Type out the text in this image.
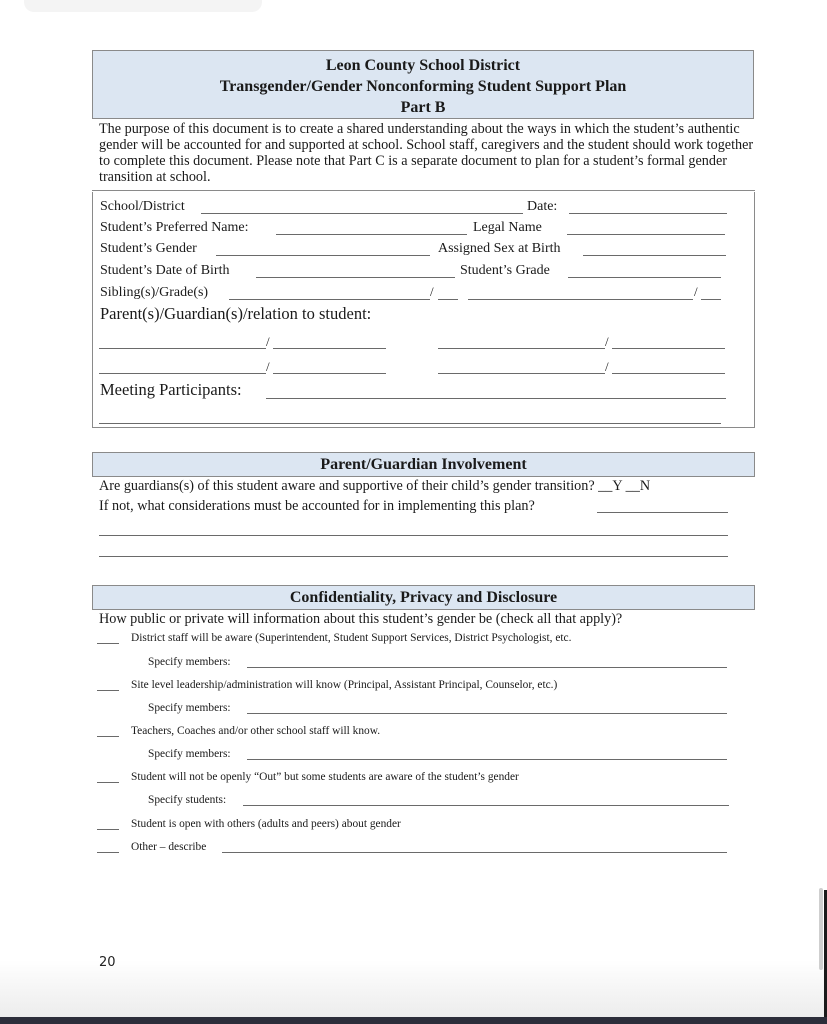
Leon County School District
Transgender/Gender Nonconforming Student Support Plan
Part B
The purpose of this document is to create a shared understanding about the ways in which the student’s authentic gender will be accounted for and supported at school. School staff, caregivers and the student should work together to complete this document. Please note that Part C is a separate document to plan for a student’s formal gender transition at school.
School/District	Date:
Student’s Preferred Name:	Legal Name
Student’s Gender	Assigned Sex at Birth
Student’s Date of Birth	Student’s Grade
Sibling(s)/Grade(s)	/	/
Parent(s)/Guardian(s)/relation to student:
/	/
/	/
Meeting Participants:
Parent/Guardian Involvement
Are guardians(s) of this student aware and supportive of their child’s gender transition? __Y __N
If not, what considerations must be accounted for in implementing this plan?
Confidentiality, Privacy and Disclosure
How public or private will information about this student’s gender be (check all that apply)?
District staff will be aware (Superintendent, Student Support Services, District Psychologist, etc.
Specify members:
Site level leadership/administration will know (Principal, Assistant Principal, Counselor, etc.)
Specify members:
Teachers, Coaches and/or other school staff will know.
Specify members:
Student will not be openly “Out” but some students are aware of the student’s gender
Specify students:
Student is open with others (adults and peers) about gender
Other – describe
20
